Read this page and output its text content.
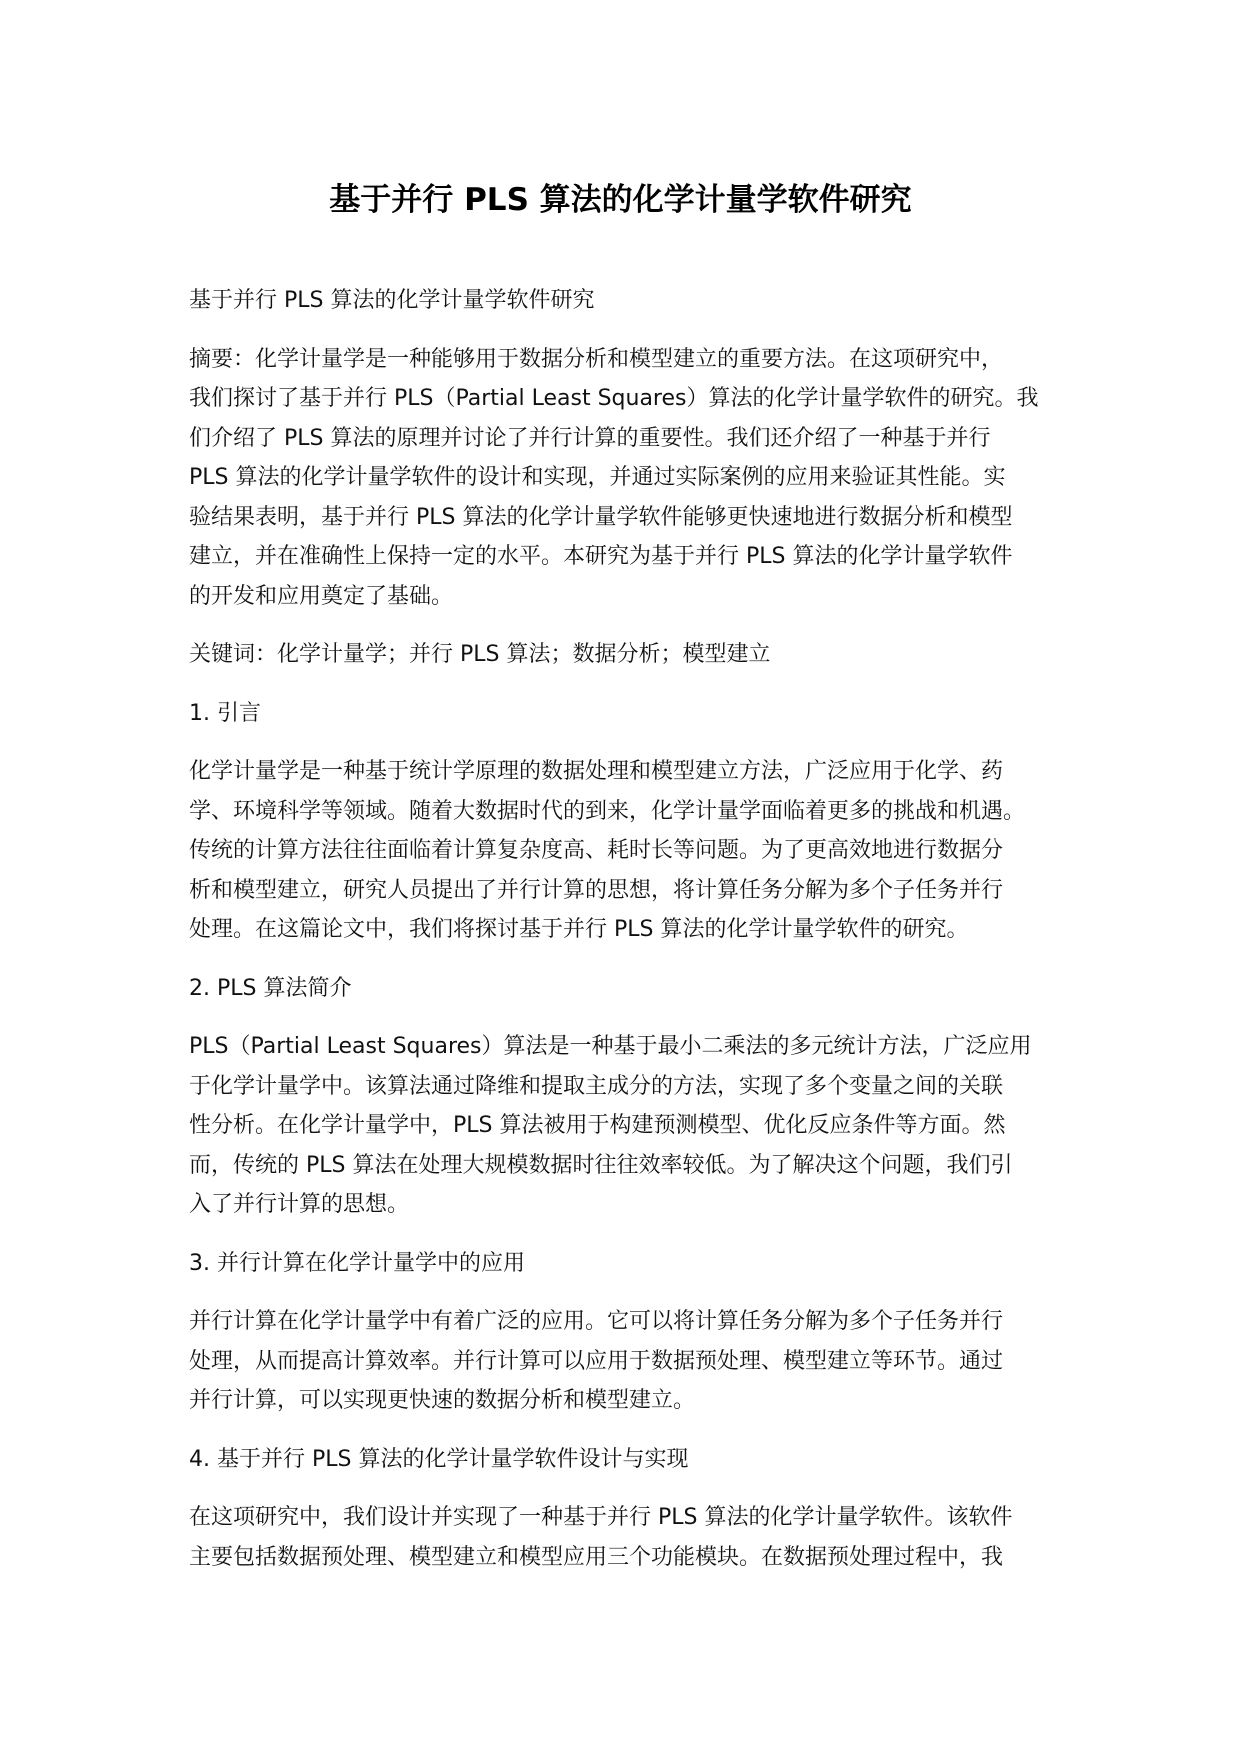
基于并行 PLS 算法的化学计量学软件研究

基于并行 PLS 算法的化学计量学软件研究

摘要：化学计量学是一种能够用于数据分析和模型建立的重要方法。在这项研究中，
我们探讨了基于并行 PLS（Partial Least Squares）算法的化学计量学软件的研究。我
们介绍了 PLS 算法的原理并讨论了并行计算的重要性。我们还介绍了一种基于并行
PLS 算法的化学计量学软件的设计和实现，并通过实际案例的应用来验证其性能。实
验结果表明，基于并行 PLS 算法的化学计量学软件能够更快速地进行数据分析和模型
建立，并在准确性上保持一定的水平。本研究为基于并行 PLS 算法的化学计量学软件
的开发和应用奠定了基础。

关键词：化学计量学；并行 PLS 算法；数据分析；模型建立

1. 引言

化学计量学是一种基于统计学原理的数据处理和模型建立方法，广泛应用于化学、药
学、环境科学等领域。随着大数据时代的到来，化学计量学面临着更多的挑战和机遇。
传统的计算方法往往面临着计算复杂度高、耗时长等问题。为了更高效地进行数据分
析和模型建立，研究人员提出了并行计算的思想，将计算任务分解为多个子任务并行
处理。在这篇论文中，我们将探讨基于并行 PLS 算法的化学计量学软件的研究。

2. PLS 算法简介

PLS（Partial Least Squares）算法是一种基于最小二乘法的多元统计方法，广泛应用
于化学计量学中。该算法通过降维和提取主成分的方法，实现了多个变量之间的关联
性分析。在化学计量学中，PLS 算法被用于构建预测模型、优化反应条件等方面。然
而，传统的 PLS 算法在处理大规模数据时往往效率较低。为了解决这个问题，我们引
入了并行计算的思想。

3. 并行计算在化学计量学中的应用

并行计算在化学计量学中有着广泛的应用。它可以将计算任务分解为多个子任务并行
处理，从而提高计算效率。并行计算可以应用于数据预处理、模型建立等环节。通过
并行计算，可以实现更快速的数据分析和模型建立。

4. 基于并行 PLS 算法的化学计量学软件设计与实现

在这项研究中，我们设计并实现了一种基于并行 PLS 算法的化学计量学软件。该软件
主要包括数据预处理、模型建立和模型应用三个功能模块。在数据预处理过程中，我
